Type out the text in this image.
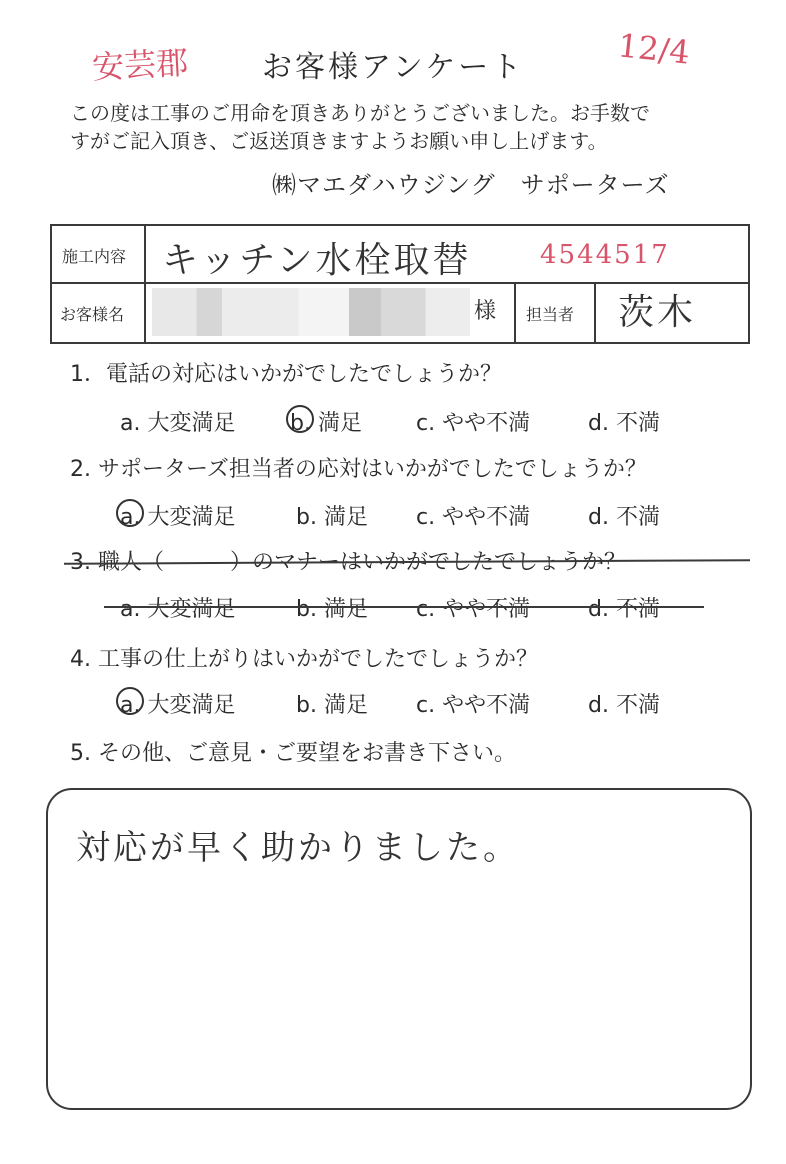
安芸郡 お客様アンケート	12/4
この度は工事のご用命を頂きありがとうございました。お手数で
すがご記入頂き、ご返送頂きますようお願い申し上げます。
㈱マエダハウジング　サポーターズ
施工内容 キッチン水栓取替	4544517
お客様名	様 担当者 茨木
1．電話の対応はいかがでしたでしょうか？
a. 大変満足 b. 満足 c. やや不満	d. 不満
2. サポーターズ担当者の応対はいかがでしたでしょうか？
a. 大変満足	b. 満足 c. やや不満	d. 不満
3. 職人（　　　）のマナーはいかがでしたでしょうか？
a. 大変満足	b. 満足 c. やや不満	d. 不満
4. 工事の仕上がりはいかがでしたでしょうか？
a. 大変満足	b. 満足 c. やや不満	d. 不満
5. その他、ご意見・ご要望をお書き下さい。
対応が早く助かりました。
